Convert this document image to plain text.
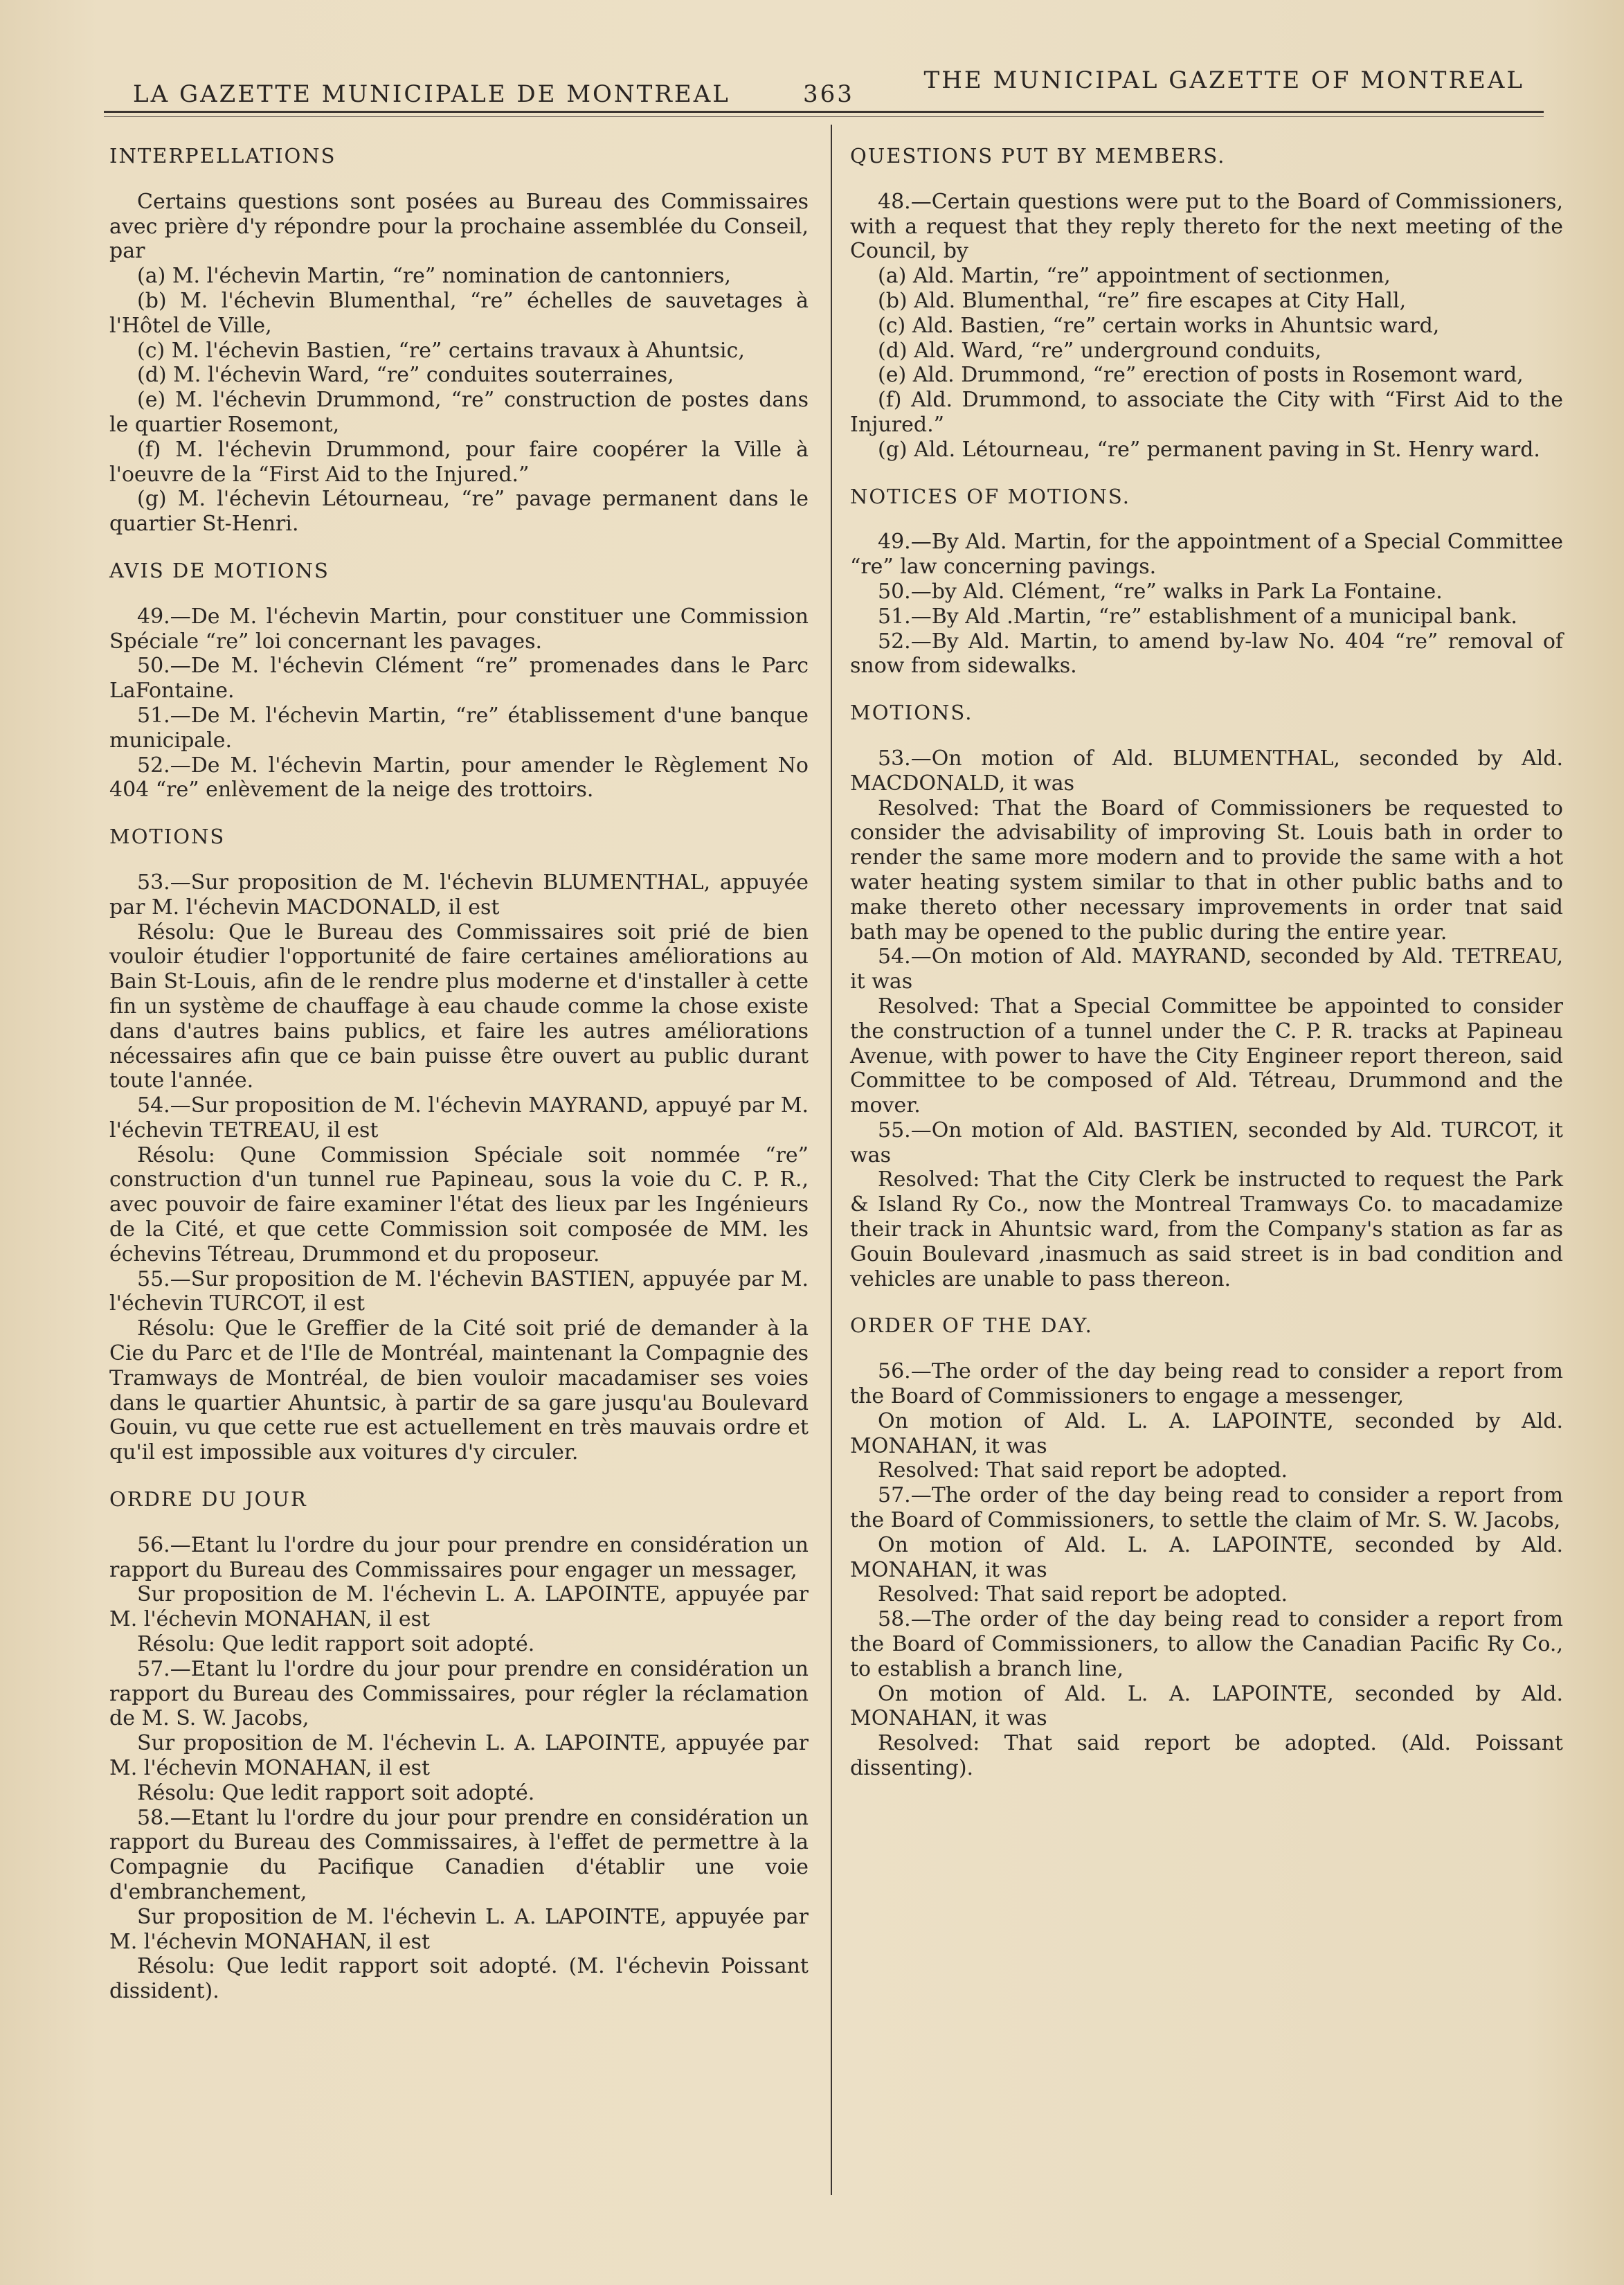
LA GAZETTE MUNICIPALE DE MONTREAL	363	THE MUNICIPAL GAZETTE OF MONTREAL

INTERPELLATIONS

Certains questions sont posées au Bureau des Commissaires avec prière d'y répondre pour la prochaine assemblée du Conseil, par

(a) M. l'échevin Martin, “re” nomination de cantonniers,

(b) M. l'échevin Blumenthal, “re” échelles de sauvetages à l'Hôtel de Ville,

(c) M. l'échevin Bastien, “re” certains travaux à Ahuntsic,

(d) M. l'échevin Ward, “re” conduites souterraines,

(e) M. l'échevin Drummond, “re” construction de postes dans le quartier Rosemont,

(f) M. l'échevin Drummond, pour faire coopérer la Ville à l'oeuvre de la “First Aid to the Injured.”

(g) M. l'échevin Létourneau, “re” pavage permanent dans le quartier St-Henri.

AVIS DE MOTIONS

49.—De M. l'échevin Martin, pour constituer une Commission Spéciale “re” loi concernant les pavages.

50.—De M. l'échevin Clément “re” promenades dans le Parc LaFontaine.

51.—De M. l'échevin Martin, “re” établissement d'une banque municipale.

52.—De M. l'échevin Martin, pour amender le Règlement No 404 “re” enlèvement de la neige des trottoirs.

MOTIONS

53.—Sur proposition de M. l'échevin BLUMENTHAL, appuyée par M. l'échevin MACDONALD, il est

Résolu: Que le Bureau des Commissaires soit prié de bien vouloir étudier l'opportunité de faire certaines améliorations au Bain St-Louis, afin de le rendre plus moderne et d'installer à cette fin un système de chauffage à eau chaude comme la chose existe dans d'autres bains publics, et faire les autres améliorations nécessaires afin que ce bain puisse être ouvert au public durant toute l'année.

54.—Sur proposition de M. l'échevin MAYRAND, appuyé par M. l'échevin TETREAU, il est

Résolu: Qune Commission Spéciale soit nommée “re” construction d'un tunnel rue Papineau, sous la voie du C. P. R., avec pouvoir de faire examiner l'état des lieux par les Ingénieurs de la Cité, et que cette Commission soit composée de MM. les échevins Tétreau, Drummond et du proposeur.

55.—Sur proposition de M. l'échevin BASTIEN, appuyée par M. l'échevin TURCOT, il est

Résolu: Que le Greffier de la Cité soit prié de demander à la Cie du Parc et de l'Ile de Montréal, maintenant la Compagnie des Tramways de Montréal, de bien vouloir macadamiser ses voies dans le quartier Ahuntsic, à partir de sa gare jusqu'au Boulevard Gouin, vu que cette rue est actuellement en très mauvais ordre et qu'il est impossible aux voitures d'y circuler.

ORDRE DU JOUR

56.—Etant lu l'ordre du jour pour prendre en considération un rapport du Bureau des Commissaires pour engager un messager,

Sur proposition de M. l'échevin L. A. LAPOINTE, appuyée par M. l'échevin MONAHAN, il est

Résolu: Que ledit rapport soit adopté.

57.—Etant lu l'ordre du jour pour prendre en considération un rapport du Bureau des Commissaires, pour régler la réclamation de M. S. W. Jacobs,

Sur proposition de M. l'échevin L. A. LAPOINTE, appuyée par M. l'échevin MONAHAN, il est

Résolu: Que ledit rapport soit adopté.

58.—Etant lu l'ordre du jour pour prendre en considération un rapport du Bureau des Commissaires, à l'effet de permettre à la Compagnie du Pacifique Canadien d'établir une voie d'embranchement,

Sur proposition de M. l'échevin L. A. LAPOINTE, appuyée par M. l'échevin MONAHAN, il est

Résolu: Que ledit rapport soit adopté. (M. l'échevin Poissant dissident).

QUESTIONS PUT BY MEMBERS.

48.—Certain questions were put to the Board of Commissioners, with a request that they reply thereto for the next meeting of the Council, by

(a) Ald. Martin, “re” appointment of sectionmen,

(b) Ald. Blumenthal, “re” fire escapes at City Hall,

(c) Ald. Bastien, “re” certain works in Ahuntsic ward,

(d) Ald. Ward, “re” underground conduits,

(e) Ald. Drummond, “re” erection of posts in Rosemont ward,

(f) Ald. Drummond, to associate the City with “First Aid to the Injured.”

(g) Ald. Létourneau, “re” permanent paving in St. Henry ward.

NOTICES OF MOTIONS.

49.—By Ald. Martin, for the appointment of a Special Committee “re” law concerning pavings.

50.—by Ald. Clément, “re” walks in Park La Fontaine.

51.—By Ald .Martin, “re” establishment of a municipal bank.

52.—By Ald. Martin, to amend by-law No. 404 “re” removal of snow from sidewalks.

MOTIONS.

53.—On motion of Ald. BLUMENTHAL, seconded by Ald. MACDONALD, it was

Resolved: That the Board of Commissioners be requested to consider the advisability of improving St. Louis bath in order to render the same more modern and to provide the same with a hot water heating system similar to that in other public baths and to make thereto other necessary improvements in order tnat said bath may be opened to the public during the entire year.

54.—On motion of Ald. MAYRAND, seconded by Ald. TETREAU, it was

Resolved: That a Special Committee be appointed to consider the construction of a tunnel under the C. P. R. tracks at Papineau Avenue, with power to have the City Engineer report thereon, said Committee to be composed of Ald. Tétreau, Drummond and the mover.

55.—On motion of Ald. BASTIEN, seconded by Ald. TURCOT, it was

Resolved: That the City Clerk be instructed to request the Park & Island Ry Co., now the Montreal Tramways Co. to macadamize their track in Ahuntsic ward, from the Company's station as far as Gouin Boulevard ,inasmuch as said street is in bad condition and vehicles are unable to pass thereon.

ORDER OF THE DAY.

56.—The order of the day being read to consider a report from the Board of Commissioners to engage a messenger,

On motion of Ald. L. A. LAPOINTE, seconded by Ald. MONAHAN, it was

Resolved: That said report be adopted.

57.—The order of the day being read to consider a report from the Board of Commissioners, to settle the claim of Mr. S. W. Jacobs,

On motion of Ald. L. A. LAPOINTE, seconded by Ald. MONAHAN, it was

Resolved: That said report be adopted.

58.—The order of the day being read to consider a report from the Board of Commissioners, to allow the Canadian Pacific Ry Co., to establish a branch line,

On motion of Ald. L. A. LAPOINTE, seconded by Ald. MONAHAN, it was

Resolved: That said report be adopted. (Ald. Poissant dissenting).
